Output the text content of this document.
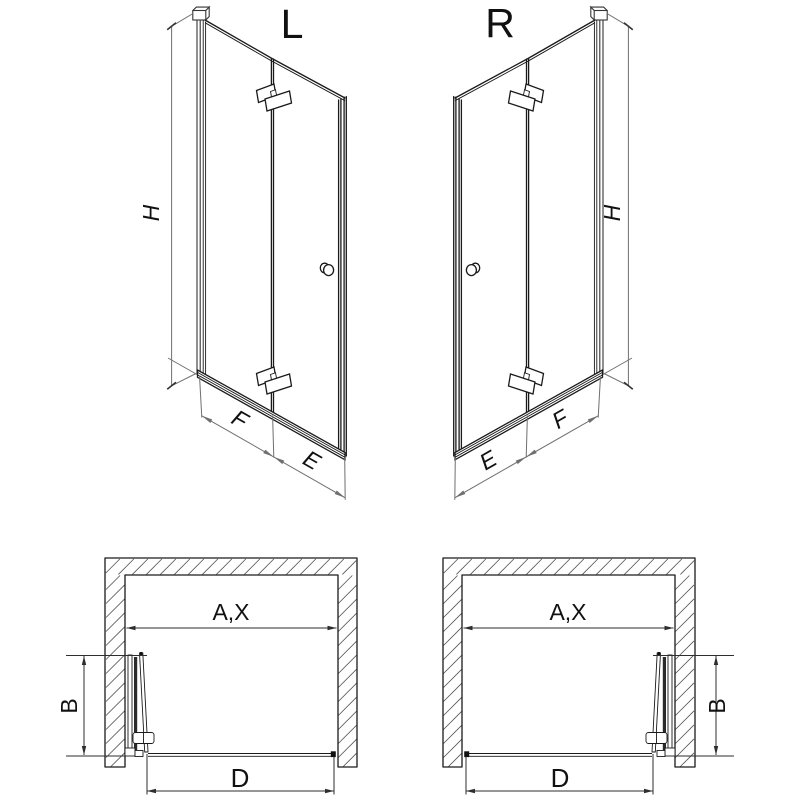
L
H
F
E
R
H
E
F
A,X
B
D
A,X
B
D
